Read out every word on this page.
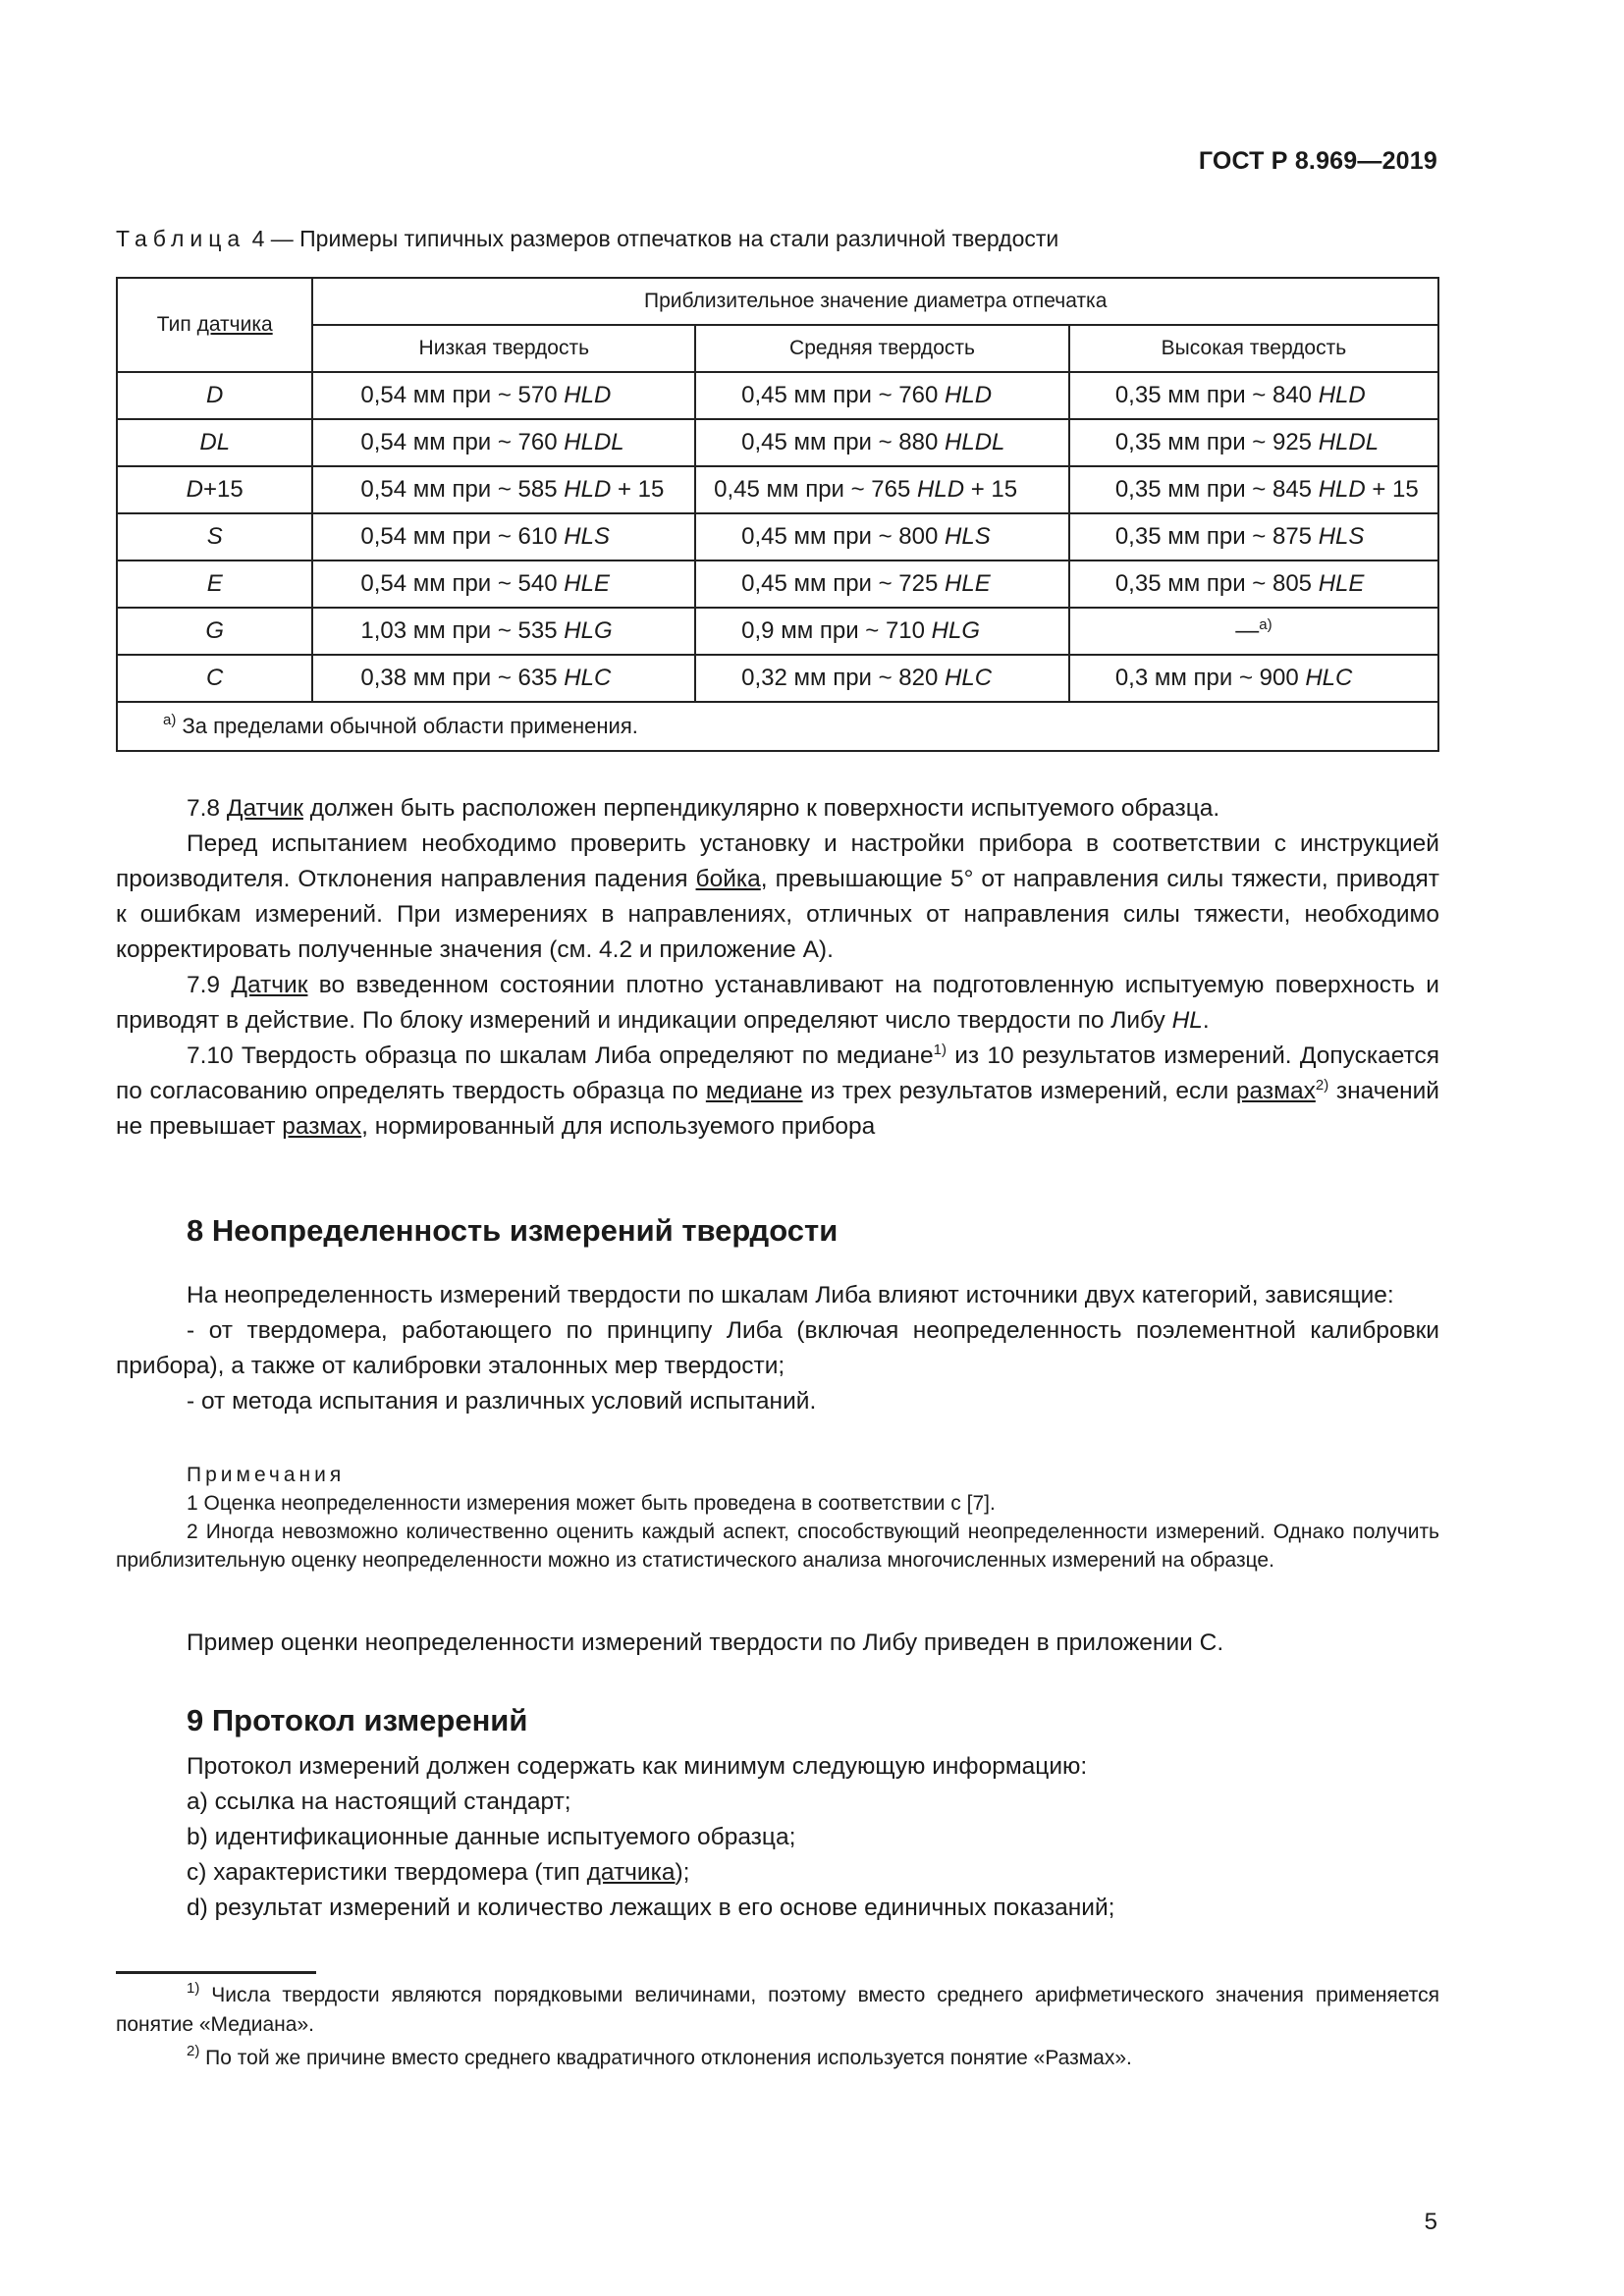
ГОСТ Р 8.969—2019
Таблица 4 — Примеры типичных размеров отпечатков на стали различной твердости
Тип датчика	Приблизительное значение диаметра отпечатка		
	Низкая твердость	Средняя твердость	Высокая твердость
D	0,54 мм при ~ 570 HLD	0,45 мм при ~ 760 HLD	0,35 мм при ~ 840 HLD
DL	0,54 мм при ~ 760 HLDL	0,45 мм при ~ 880 HLDL	0,35 мм при ~ 925 HLDL
D+15	0,54 мм при ~ 585 HLD + 15	0,45 мм при ~ 765 HLD + 15	0,35 мм при ~ 845 HLD + 15
S	0,54 мм при ~ 610 HLS	0,45 мм при ~ 800 HLS	0,35 мм при ~ 875 HLS
E	0,54 мм при ~ 540 HLE	0,45 мм при ~ 725 HLE	0,35 мм при ~ 805 HLE
G	1,03 мм при ~ 535 HLG	0,9 мм при ~ 710 HLG	—$^{a)}$
C	0,38 мм при ~ 635 HLC	0,32 мм при ~ 820 HLC	0,3 мм при ~ 900 HLC
$^{а)}$ За пределами обычной области применения.			

7.8 Датчик должен быть расположен перпендикулярно к поверхности испытуемого образца.

Перед испытанием необходимо проверить установку и настройки прибора в соответствии с инструкцией производителя. Отклонения направления падения бойка, превышающие 5° от направления силы тяжести, приводят к ошибкам измерений. При измерениях в направлениях, отличных от направления силы тяжести, необходимо корректировать полученные значения (см. 4.2 и приложение А).

7.9 Датчик во взведенном состоянии плотно устанавливают на подготовленную испытуемую поверхность и приводят в действие. По блоку измерений и индикации определяют число твердости по Либу HL.

7.10 Твердость образца по шкалам Либа определяют по медиане$^{1)}$ из 10 результатов измерений. Допускается по согласованию определять твердость образца по медиане из трех результатов измерений, если размах$^{2)}$ значений не превышает размах, нормированный для используемого прибора

8 Неопределенность измерений твердости

На неопределенность измерений твердости по шкалам Либа влияют источники двух категорий, зависящие:

- от твердомера, работающего по принципу Либа (включая неопределенность поэлементной калибровки прибора), а также от калибровки эталонных мер твердости;

- от метода испытания и различных условий испытаний.

Примечания

1 Оценка неопределенности измерения может быть проведена в соответствии с [7].

2 Иногда невозможно количественно оценить каждый аспект, способствующий неопределенности измерений. Однако получить приблизительную оценку неопределенности можно из статистического анализа многочисленных измерений на образце.

Пример оценки неопределенности измерений твердости по Либу приведен в приложении С.

9 Протокол измерений

Протокол измерений должен содержать как минимум следующую информацию:

a) ссылка на настоящий стандарт;

b) идентификационные данные испытуемого образца;

c) характеристики твердомера (тип датчика);

d) результат измерений и количество лежащих в его основе единичных показаний;

$^{1)}$ Числа твердости являются порядковыми величинами, поэтому вместо среднего арифметического значения применяется понятие «Медиана».

$^{2)}$ По той же причине вместо среднего квадратичного отклонения используется понятие «Размах».

5
